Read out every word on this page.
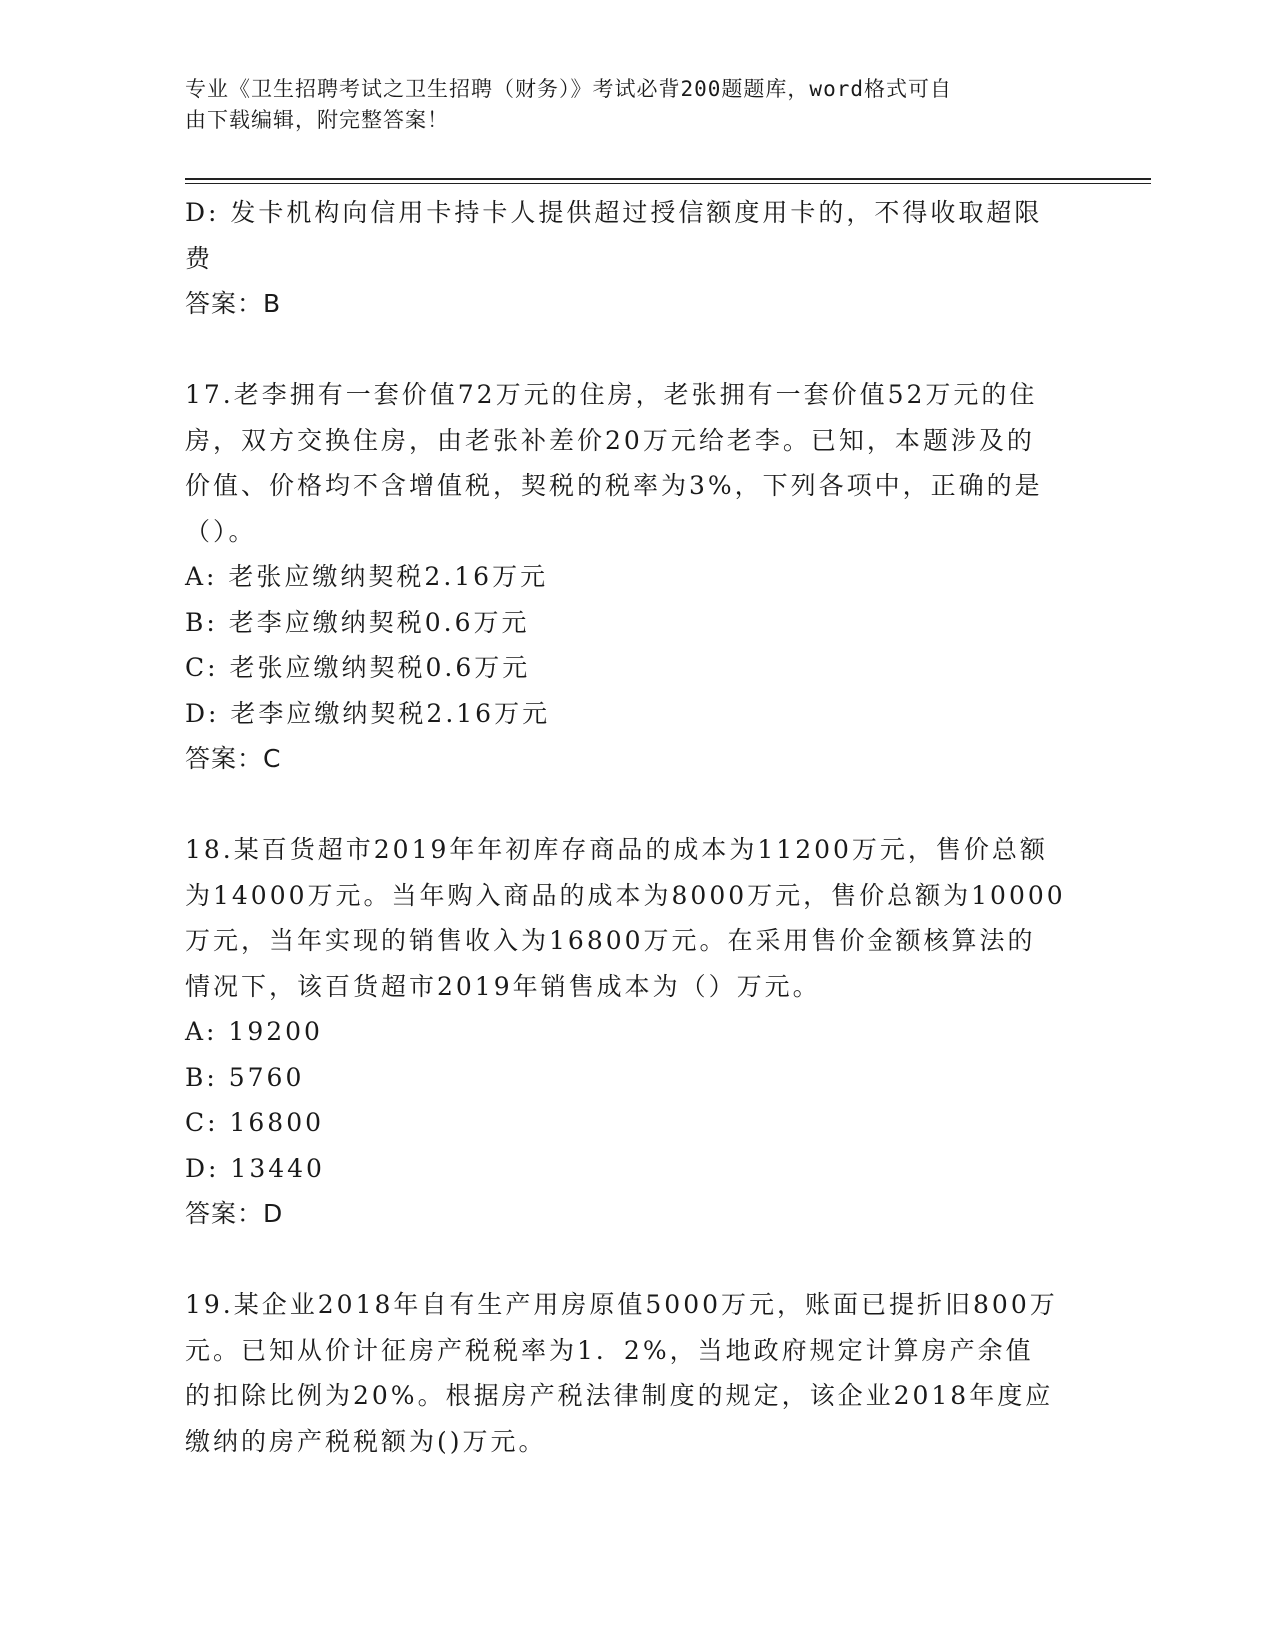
专业《卫生招聘考试之卫生招聘（财务）》考试必背200题题库，word格式可自
由下载编辑，附完整答案！

D: 发卡机构向信用卡持卡人提供超过授信额度用卡的，不得收取超限

费

答案：B

17.老李拥有一套价值72万元的住房，老张拥有一套价值52万元的住

房，双方交换住房，由老张补差价20万元给老李。已知，本题涉及的

价值、价格均不含增值税，契税的税率为3%，下列各项中，正确的是

（）。

A: 老张应缴纳契税2.16万元

B: 老李应缴纳契税0.6万元

C: 老张应缴纳契税0.6万元

D: 老李应缴纳契税2.16万元

答案：C

18.某百货超市2019年年初库存商品的成本为11200万元，售价总额

为14000万元。当年购入商品的成本为8000万元，售价总额为10000

万元，当年实现的销售收入为16800万元。在采用售价金额核算法的

情况下，该百货超市2019年销售成本为（）万元。

A: 19200

B: 5760

C: 16800

D: 13440

答案：D

19.某企业2018年自有生产用房原值5000万元，账面已提折旧800万

元。已知从价计征房产税税率为1．2%，当地政府规定计算房产余值

的扣除比例为20%。根据房产税法律制度的规定，该企业2018年度应

缴纳的房产税税额为()万元。
